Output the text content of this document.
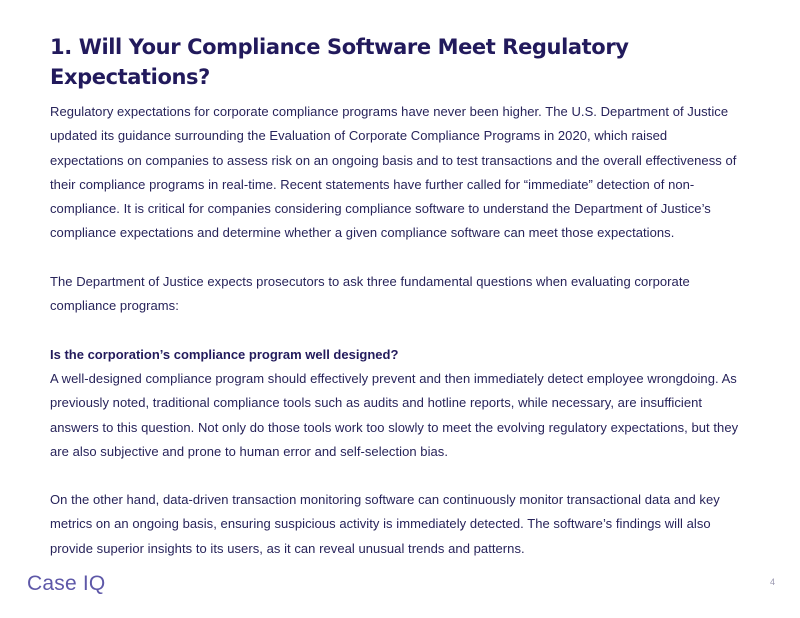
1. Will Your Compliance Software Meet Regulatory Expectations?

Regulatory expectations for corporate compliance programs have never been higher. The U.S. Department of Justice updated its guidance surrounding the Evaluation of Corporate Compliance Programs in 2020, which raised expectations on companies to assess risk on an ongoing basis and to test transactions and the overall effectiveness of their compliance programs in real-time. Recent statements have further called for “immediate” detection of non-compliance. It is critical for companies considering compliance software to understand the Department of Justice’s compliance expectations and determine whether a given compliance software can meet those expectations.

The Department of Justice expects prosecutors to ask three fundamental questions when evaluating corporate compliance programs:

Is the corporation’s compliance program well designed?

A well-designed compliance program should effectively prevent and then immediately detect employee wrongdoing. As previously noted, traditional compliance tools such as audits and hotline reports, while necessary, are insufficient answers to this question. Not only do those tools work too slowly to meet the evolving regulatory expectations, but they are also subjective and prone to human error and self-selection bias.

On the other hand, data-driven transaction monitoring software can continuously monitor transactional data and key metrics on an ongoing basis, ensuring suspicious activity is immediately detected. The software’s findings will also provide superior insights to its users, as it can reveal unusual trends and patterns.

Case IQ	4
